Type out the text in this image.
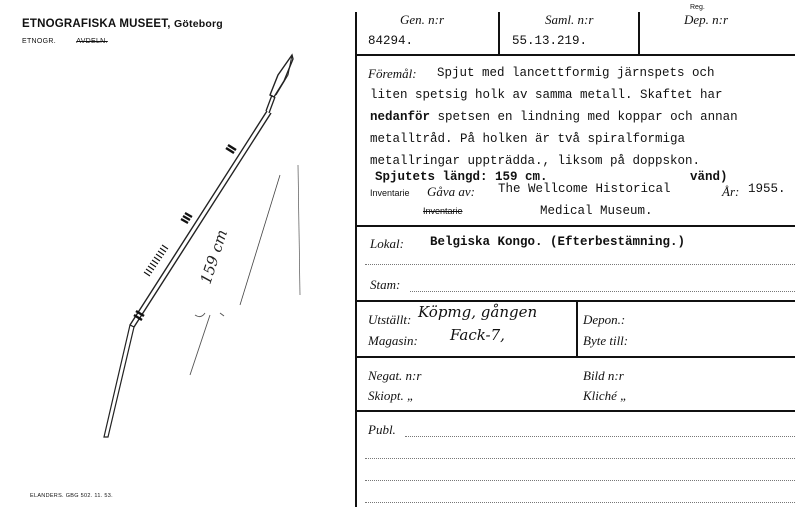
ETNOGRAFISKA MUSEET, Göteborg
ETNOGR.	AVDELN.
159 cm
ELANDERS. GBG 502. 11. 53.
Gen. n:r
84294.
Saml. n:r
55.13.219.
Reg.
Dep. n:r
Föremål: Spjut med lancettformig järnspets och
liten spetsig holk av samma metall. Skaftet har
nedanför spetsen en lindning med koppar och annan
metalltråd. På holken är två spiralformiga
metallringar uppträdda., liksom på doppskon.
Spjutets längd: 159 cm.	vänd)
Inventarie Gåva av: The Wellcome Historical
Inventarie	Medical Museum.
År: 1955.
Lokal: Belgiska Kongo. (Efterbestämning.)
Stam:
Utställt: Köpmg, gången
Magasin: Fack-7,
Depon.:
Byte till:
Negat. n:r	Bild n:r
Skiopt. „	Kliché „
Publ.
